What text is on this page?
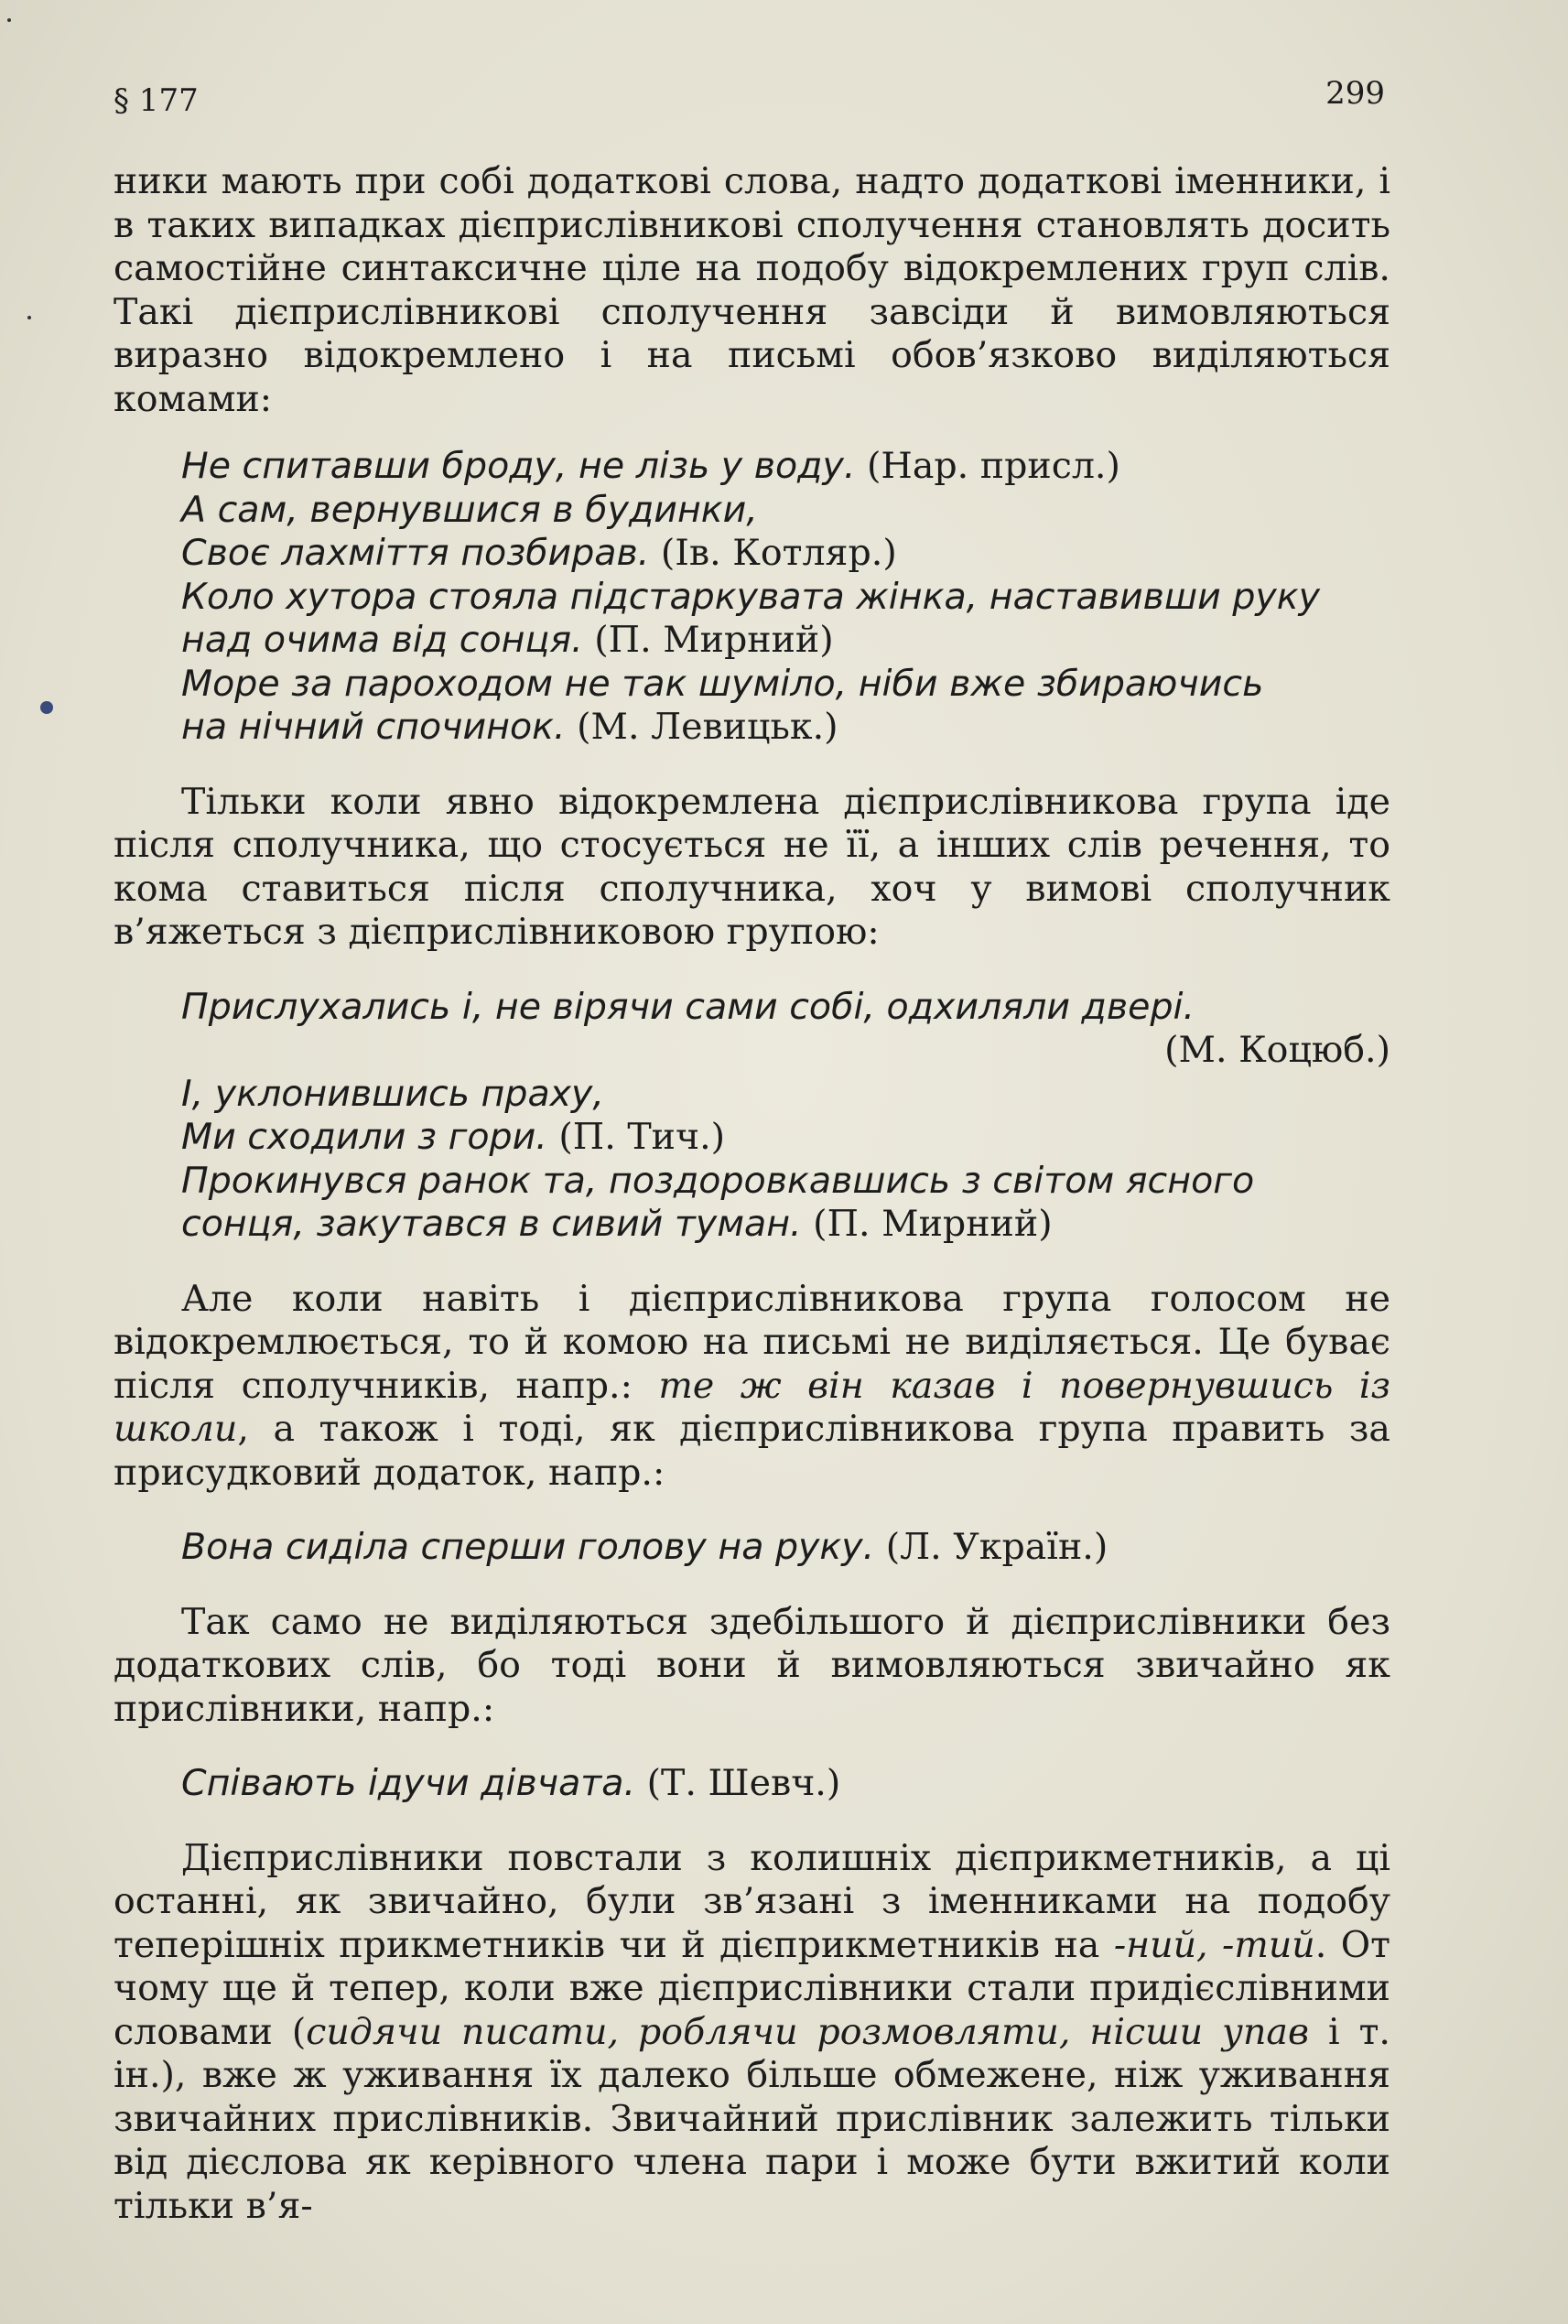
§ 177	299

ники мають при собі додаткові слова, надто додаткові іменники, і в таких випадках дієприслівникові сполучення становлять досить самостійне синтаксичне ціле на подобу відокремлених груп слів. Такі дієприслівникові сполучення завсіди й вимовляються виразно відокремлено і на письмі обов’язково виділяються комами:

Не спитавши броду, не лізь у воду. (Нар. присл.)
А сам, вернувшися в будинки,
Своє лахміття позбирав. (Ів. Котляр.)
Коло хутора стояла підстаркувата жінка, наставивши руку
над очима від сонця. (П. Мирний)
Море за пароходом не так шуміло, ніби вже збираючись
на нічний спочинок. (М. Левицьк.)

Тільки коли явно відокремлена дієприслівникова група іде після сполучника, що стосується не її, а інших слів речення, то кома ставиться після сполучника, хоч у вимові сполучник в’яжеться з дієприслівниковою групою:

Прислухались і, не вірячи сами собі, одхиляли двері.
(М. Коцюб.)
І, уклонившись праху,
Ми сходили з гори. (П. Тич.)
Прокинувся ранок та, поздоровкавшись з світом ясного
сонця, закутався в сивий туман. (П. Мирний)

Але коли навіть і дієприслівникова група голосом не відокремлюється, то й комою на письмі не виділяється. Це буває після сполучників, напр.: те ж він казав і повернувшись із школи, а також і тоді, як дієприслівникова група править за присудковий додаток, напр.:

Вона сиділа сперши голову на руку. (Л. Україн.)

Так само не виділяються здебільшого й дієприслівники без додаткових слів, бо тоді вони й вимовляються звичайно як прислівники, напр.:

Співають ідучи дівчата. (Т. Шевч.)

Дієприслівники повстали з колишніх дієприкметників, а ці останні, як звичайно, були зв’язані з іменниками на подобу теперішніх прикметників чи й дієприкметників на -ний, -тий. От чому ще й тепер, коли вже дієприслівники стали придієслівними словами (сидячи писати, роблячи розмовляти, нісши упав і т. ін.), вже ж уживання їх далеко більше обмежене, ніж уживання звичайних прислівників. Звичайний прислівник залежить тільки від дієслова як керівного члена пари і може бути вжитий коли тільки в’я-
